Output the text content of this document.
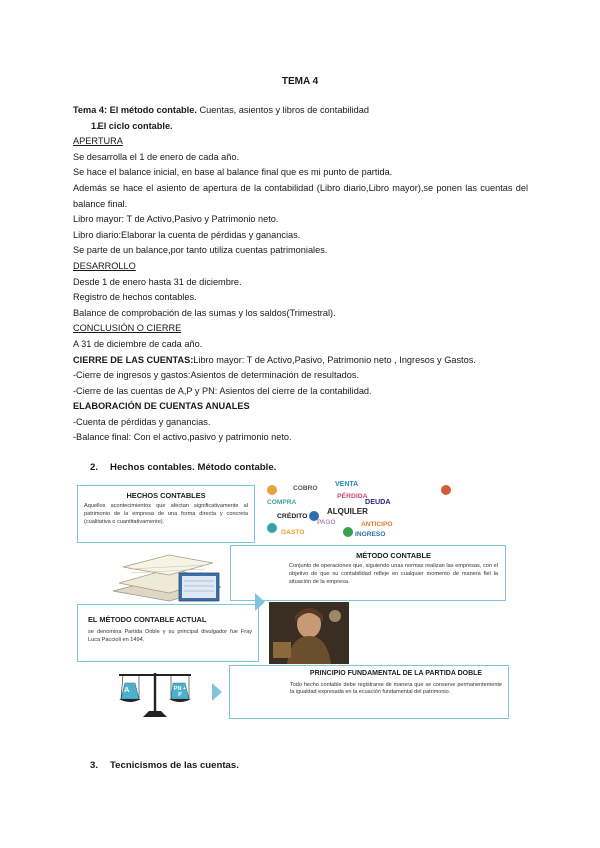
TEMA 4
Tema 4: El método contable. Cuentas, asientos y libros de contabilidad
1. El ciclo contable.
APERTURA
Se desarrolla el 1 de enero de cada año.
Se hace el balance inicial, en base al balance final que es mi punto de partida.
Además se hace el asiento de apertura de la contabilidad (Libro diario,Libro mayor),se ponen las cuentas del balance final.
Libro mayor: T de Activo,Pasivo y Patrimonio neto.
Libro diario:Elaborar la cuenta de pérdidas y ganancias.
Se parte de un balance,por tanto utiliza cuentas patrimoniales.
DESARROLLO
Desde 1 de enero hasta 31 de diciembre.
Registro de hechos contables.
Balance de comprobación de las sumas y los saldos(Trimestral).
CONCLUSIÓN O CIERRE
A 31 de diciembre de cada año.
CIERRE DE LAS CUENTAS:Libro mayor: T de Activo,Pasivo, Patrimonio neto , Ingresos y Gastos.
-Cierre de ingresos y gastos:Asientos de determinación de resultados.
-Cierre de las cuentas de A,P y PN: Asientos del cierre de la contabilidad.
ELABORACIÓN DE CUENTAS ANUALES
-Cuenta de pérdidas y ganancias.
-Balance final: Con el activo,pasivo y patrimonio neto.
2. Hechos contables. Método contable.
HECHOS CONTABLES
Aquellos acontecimientos que afectan significativamente al patrimonio de la empresa de una forma directa y concreta (cualitativa o cuantitativamente).
COBRO
VENTA
PÉRDIDA
DEUDA
COMPRA
CRÉDITO
ALQUILER
PAGO	ANTICIPO
GASTO	INGRESO
MÉTODO CONTABLE
Conjunto de operaciones que, siguiendo unas normas realizan las empresas, con el objetivo de que su contabilidad refleje en cualquier momento de manera fiel la situación de la empresa.
EL MÉTODO CONTABLE ACTUAL
se denomina Partida Doble y su principal divulgador fue Fray Luca Paccioli en 1494.
PRINCIPIO FUNDAMENTAL DE LA PARTIDA DOBLE
Todo hecho contable debe registrarse de manera que se conserve permanentemente la igualdad expresada en la ecuación fundamental del patrimonio.
A	PN + P
3. Tecnicismos de las cuentas.
